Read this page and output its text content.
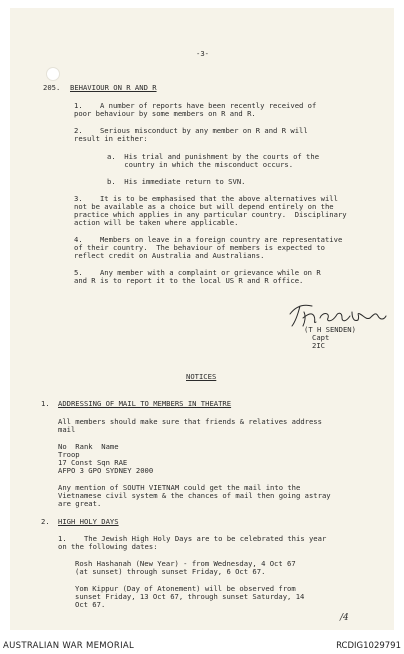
-3-
205. BEHAVIOUR ON R AND R
1.    A number of reports have been recently received of
poor behaviour by some members on R and R.
2.    Serious misconduct by any member on R and R will
result in either:
a.  His trial and punishment by the courts of the
country in which the misconduct occurs.
b.  His immediate return to SVN.
3.    It is to be emphasised that the above alternatives will
not be available as a choice but will depend entirely on the
practice which applies in any particular country.  Disciplinary
action will be taken where applicable.
4.    Members on leave in a foreign country are representative
of their country.  The behaviour of members is expected to
reflect credit on Australia and Australians.
5.    Any member with a complaint or grievance while on R
and R is to report it to the local US R and R office.
(T H SENDEN)
Capt
2IC
NOTICES
1. ADDRESSING OF MAIL TO MEMBERS IN THEATRE
All members should make sure that friends & relatives address
mail
No  Rank  Name
Troop
17 Const Sqn RAE
AFPO 3 GPO SYDNEY 2000
Any mention of SOUTH VIETNAM could get the mail into the
Vietnamese civil system & the chances of mail then going astray
are great.
2. HIGH HOLY DAYS
1.    The Jewish High Holy Days are to be celebrated this year
on the following dates:
Rosh Hashanah (New Year) - from Wednesday, 4 Oct 67
(at sunset) through sunset Friday, 6 Oct 67.
Yom Kippur (Day of Atonement) will be observed from
sunset Friday, 13 Oct 67, through sunset Saturday, 14
Oct 67.
/4
AUSTRALIAN WAR MEMORIAL	RCDIG1029791
